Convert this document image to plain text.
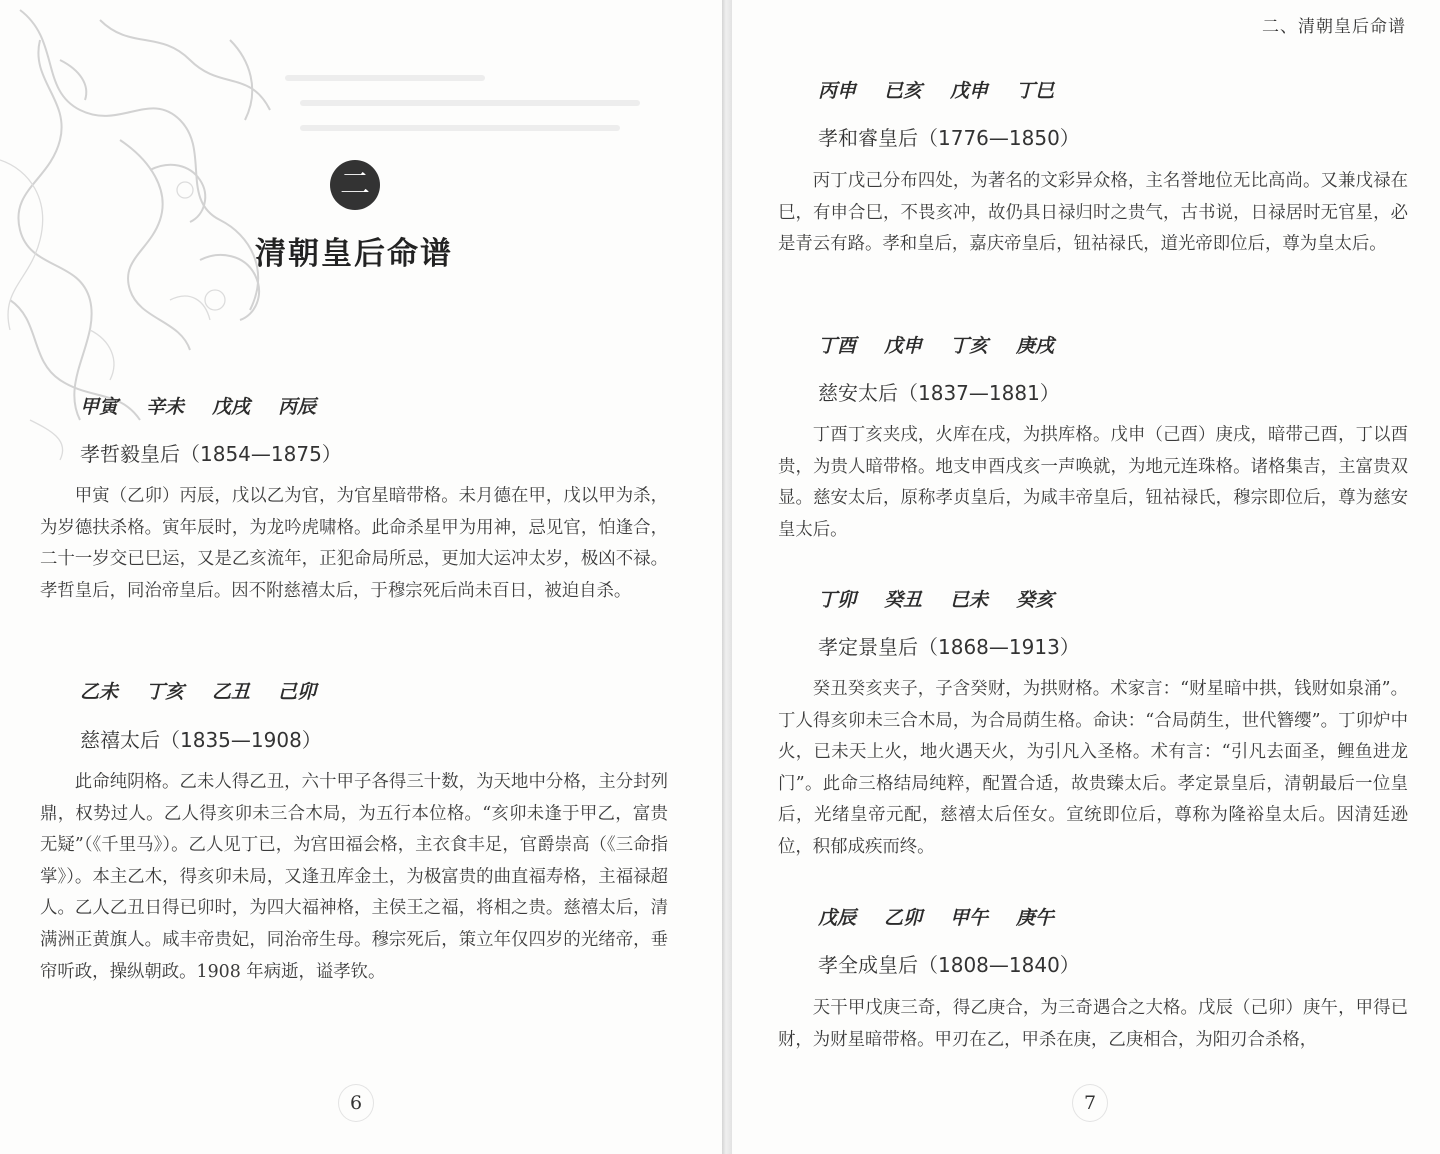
二
清朝皇后命谱
甲寅 辛未 戊戌 丙辰
孝哲毅皇后（1854—1875）
甲寅（乙卯）丙辰，戊以乙为官，为官星暗带格。未月德在甲，戊以甲为杀，为岁德扶杀格。寅年辰时，为龙吟虎啸格。此命杀星甲为用神，忌见官，怕逢合，二十一岁交已巳运，又是乙亥流年，正犯命局所忌，更加大运冲太岁，极凶不禄。孝哲皇后，同治帝皇后。因不附慈禧太后，于穆宗死后尚未百日，被迫自杀。
乙未 丁亥 乙丑 己卯
慈禧太后（1835—1908）
此命纯阴格。乙未人得乙丑，六十甲子各得三十数，为天地中分格，主分封列鼎，权势过人。乙人得亥卯未三合木局，为五行本位格。“亥卯未逢于甲乙，富贵无疑”（《千里马》）。乙人见丁已，为宫田福会格，主衣食丰足，官爵崇高（《三命指掌》）。本主乙木，得亥卯未局，又逢丑库金土，为极富贵的曲直福寿格，主福禄超人。乙人乙丑日得已卯时，为四大福神格，主侯王之福，将相之贵。慈禧太后，清满洲正黄旗人。咸丰帝贵妃，同治帝生母。穆宗死后，策立年仅四岁的光绪帝，垂帘听政，操纵朝政。1908 年病逝，谥孝钦。
6
二、清朝皇后命谱
丙申 已亥 戊申 丁巳
孝和睿皇后（1776—1850）
丙丁戊己分布四处，为著名的文彩异众格，主名誉地位无比高尚。又兼戊禄在巳，有申合巳，不畏亥冲，故仍具日禄归时之贵气，古书说，日禄居时无官星，必是青云有路。孝和皇后，嘉庆帝皇后，钮祜禄氏，道光帝即位后，尊为皇太后。
丁酉 戊申 丁亥 庚戌
慈安太后（1837—1881）
丁酉丁亥夹戌，火库在戌，为拱库格。戊申（己酉）庚戌，暗带己酉，丁以酉贵，为贵人暗带格。地支申酉戌亥一声唤就，为地元连珠格。诸格集吉，主富贵双显。慈安太后，原称孝贞皇后，为咸丰帝皇后，钮祜禄氏，穆宗即位后，尊为慈安皇太后。
丁卯 癸丑 已未 癸亥
孝定景皇后（1868—1913）
癸丑癸亥夹子，子含癸财，为拱财格。术家言：“财星暗中拱，钱财如泉涌”。丁人得亥卯未三合木局，为合局荫生格。命诀：“合局荫生，世代簪缨”。丁卯炉中火，已未天上火，地火遇天火，为引凡入圣格。术有言：“引凡去面圣，鲤鱼进龙门”。此命三格结局纯粹，配置合适，故贵臻太后。孝定景皇后，清朝最后一位皇后，光绪皇帝元配，慈禧太后侄女。宣统即位后，尊称为隆裕皇太后。因清廷逊位，积郁成疾而终。
戊辰 乙卯 甲午 庚午
孝全成皇后（1808—1840）
天干甲戊庚三奇，得乙庚合，为三奇遇合之大格。戊辰（己卯）庚午，甲得已财，为财星暗带格。甲刃在乙，甲杀在庚，乙庚相合，为阳刃合杀格，
7
